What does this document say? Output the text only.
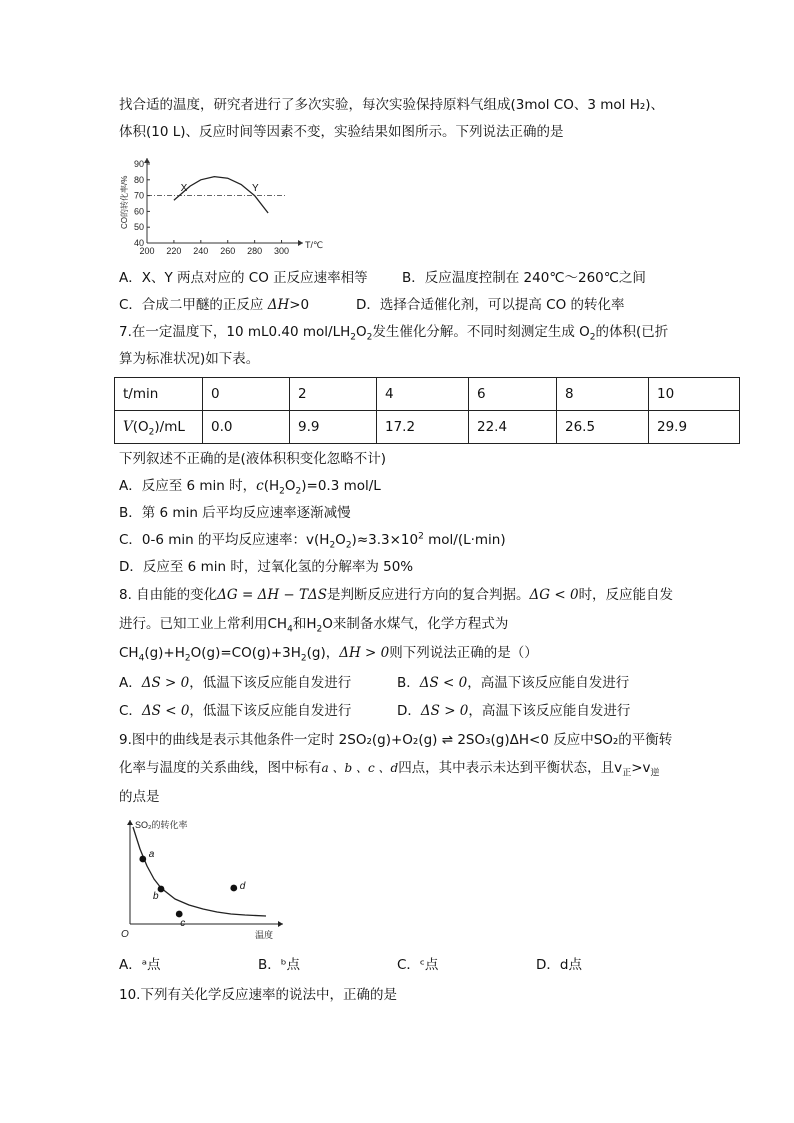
找合适的温度，研究者进行了多次实验，每次实验保持原料气组成(3mol CO、3 mol H₂)、
体积(10 L)、反应时间等因素不变，实验结果如图所示。下列说法正确的是
200 220 240 260 280 300
40
50
60
70
80
90
T/℃
CO的转化率/%	X	Y
A．X、Y 两点对应的 CO 正反应速率相等	B．反应温度控制在 240℃～260℃之间
C．合成二甲醚的正反应 ΔH>0	D．选择合适催化剂，可以提高 CO 的转化率
7.在一定温度下，10 mL0.40 mol/$LH_2O_2$发生催化分解。不同时刻测定生成 $O_2$的体积(已折
算为标准状况)如下表。
t/min	0	2	4	6	8	10
$V(O_2)/mL$	0.0	9.9	17.2	22.4	26.5	29.9
下列叙述不正确的是(液体积积变化忽略不计)
A．反应至 6 min 时，$c(H_2O_2)=0.3$ mol/L
B．第 6 min 后平均反应速率逐渐减慢
C．0-6 min 的平均反应速率：$v(H_2O_2)\approx 3.3\times 10^2$ mol/(L·min)
D．反应至 6 min 时，过氧化氢的分解率为 50%
8. 自由能的变化ΔG = ΔH − TΔS是判断反应进行方向的复合判据。ΔG < 0时，反应能自发
进行。已知工业上常利用$CH_4$和$H_2O$来制备水煤气，化学方程式为
$CH_4(g)+H_2O(g)=CO(g)+3H_2(g)$，ΔH > 0则下列说法正确的是（）
A．ΔS > 0，低温下该反应能自发进行	B．ΔS < 0，高温下该反应能自发进行
C．ΔS < 0，低温下该反应能自发进行	D．ΔS > 0，高温下该反应能自发进行
9.图中的曲线是表示其他条件一定时 2SO₂(g)+O₂(g) ⇌ 2SO₃(g)ΔH<0 反应中SO₂的平衡转
化率与温度的关系曲线，图中标有a 、b 、c 、d四点，其中表示未达到平衡状态，且$v_正>v_逆$
的点是
SO₂的转化率
温度
O
a
b
c
d
A．ᵃ点	B．ᵇ点	C．ᶜ点	D．d点
10.下列有关化学反应速率的说法中，正确的是
